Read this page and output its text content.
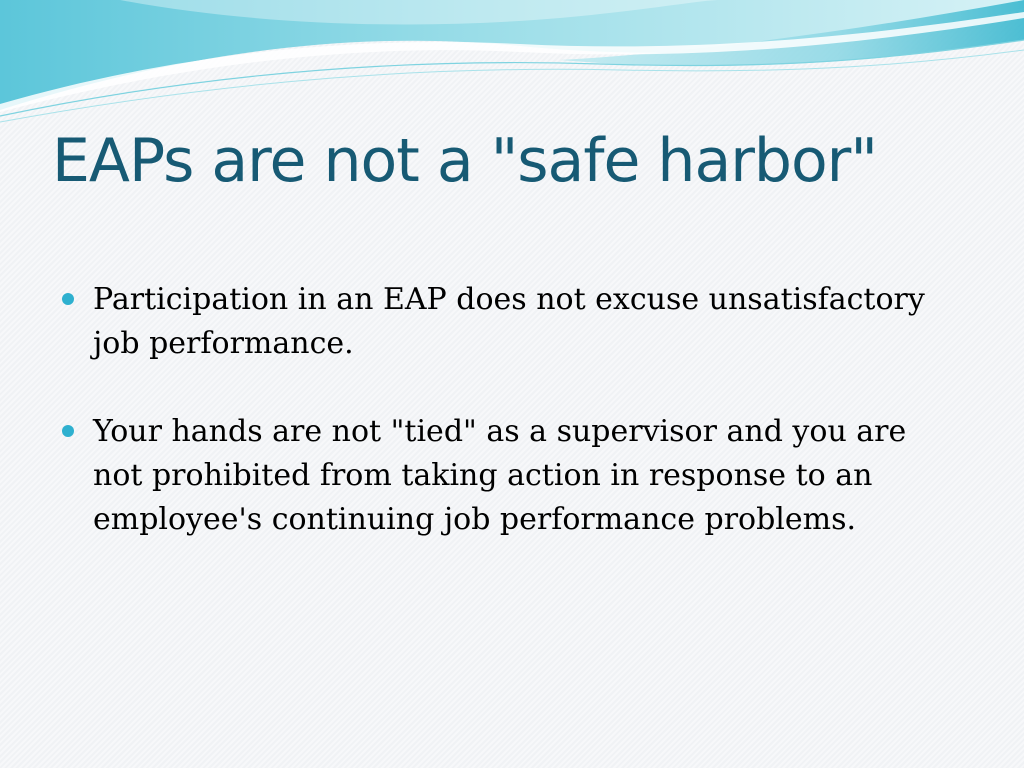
EAPs are not a "safe harbor"
Participation in an EAP does not excuse unsatisfactory job performance.
Your hands are not "tied" as a supervisor and you are not prohibited from taking action in response to an employee's continuing job performance problems.
